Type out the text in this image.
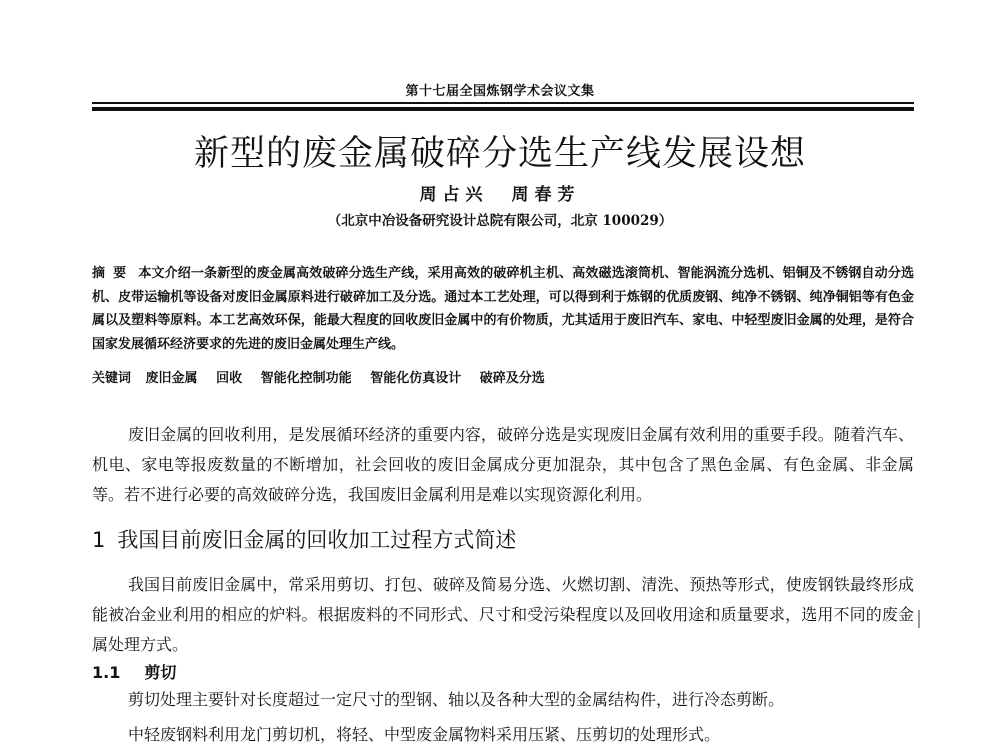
第十七届全国炼钢学术会议文集
新型的废金属破碎分选生产线发展设想
周占兴　周春芳
（北京中冶设备研究设计总院有限公司，北京 100029）
摘要 本文介绍一条新型的废金属高效破碎分选生产线，采用高效的破碎机主机、高效磁选滚筒机、智能涡流分选机、铝铜及不锈钢自动分选机、皮带运输机等设备对废旧金属原料进行破碎加工及分选。通过本工艺处理，可以得到利于炼钢的优质废钢、纯净不锈钢、纯净铜铝等有色金属以及塑料等原料。本工艺高效环保，能最大程度的回收废旧金属中的有价物质，尤其适用于废旧汽车、家电、中轻型废旧金属的处理，是符合国家发展循环经济要求的先进的废旧金属处理生产线。
关键词 废旧金属 回收 智能化控制功能 智能化仿真设计 破碎及分选
废旧金属的回收利用，是发展循环经济的重要内容，破碎分选是实现废旧金属有效利用的重要手段。随着汽车、机电、家电等报废数量的不断增加，社会回收的废旧金属成分更加混杂，其中包含了黑色金属、有色金属、非金属等。若不进行必要的高效破碎分选，我国废旧金属利用是难以实现资源化利用。
1 我国目前废旧金属的回收加工过程方式简述
我国目前废旧金属中，常采用剪切、打包、破碎及简易分选、火燃切割、清洗、预热等形式，使废钢铁最终形成能被冶金业利用的相应的炉料。根据废料的不同形式、尺寸和受污染程度以及回收用途和质量要求，选用不同的废金属处理方式。
1.1 剪切
剪切处理主要针对长度超过一定尺寸的型钢、轴以及各种大型的金属结构件，进行冷态剪断。
中轻废钢料利用龙门剪切机，将轻、中型废金属物料采用压紧、压剪切的处理形式。
